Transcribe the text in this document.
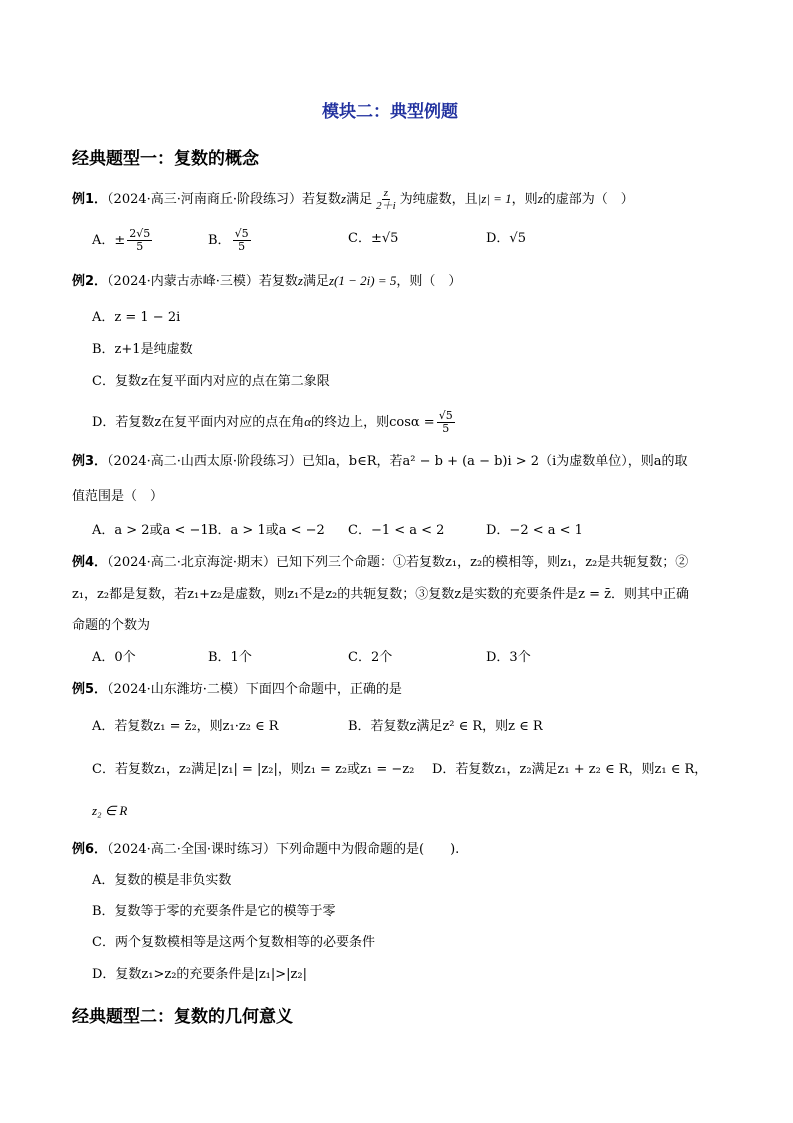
模块二：典型例题
经典题型一：复数的概念
例1．（2024·高三·河南商丘·阶段练习）若复数z满足 $\frac{z}{2+i}$ 为纯虚数，且|z| = 1，则z的虚部为（　）
A．± $\frac{2√5}{5}$	B． $\frac{√5}{5}$	C．±√5	D．√5
例2．（2024·内蒙古赤峰·三模）若复数z满足z(1 − 2i) = 5，则（　）
A．z = 1 − 2i
B．z+1是纯虚数
C．复数z在复平面内对应的点在第二象限
D．若复数z在复平面内对应的点在角α的终边上，则$\cos\alpha = \frac{√5}{5}$
例3．（2024·高二·山西太原·阶段练习）已知a，b∈R，若a² − b + (a − b)i > 2（i为虚数单位），则a的取
值范围是（　）
A．a > 2或a < −1 B．a > 1或a < −2 C．−1 < a < 2	D．−2 < a < 1
例4．（2024·高二·北京海淀·期末）已知下列三个命题：①若复数z₁，z₂的模相等，则z₁，z₂是共轭复数；②
z₁，z₂都是复数，若z₁+z₂是虚数，则z₁不是z₂的共轭复数；③复数z是实数的充要条件是z = z̄．则其中正确
命题的个数为
A．0个	B．1个	C．2个	D．3个
例5．（2024·山东潍坊·二模）下面四个命题中，正确的是
A．若复数z₁ = z̄₂，则z₁·z₂ ∈ R	B．若复数z满足z² ∈ R，则z ∈ R
C．若复数z₁，z₂满足|z₁| = |z₂|，则z₁ = z₂或z₁ = −z₂ D．若复数z₁，z₂满足z₁ + z₂ ∈ R，则z₁ ∈ R，
z₂ ∈ R
例6．（2024·高二·全国·课时练习）下列命题中为假命题的是(　　).
A．复数的模是非负实数
B．复数等于零的充要条件是它的模等于零
C．两个复数模相等是这两个复数相等的必要条件
D．复数z₁>z₂的充要条件是|z₁|>|z₂|
经典题型二：复数的几何意义
